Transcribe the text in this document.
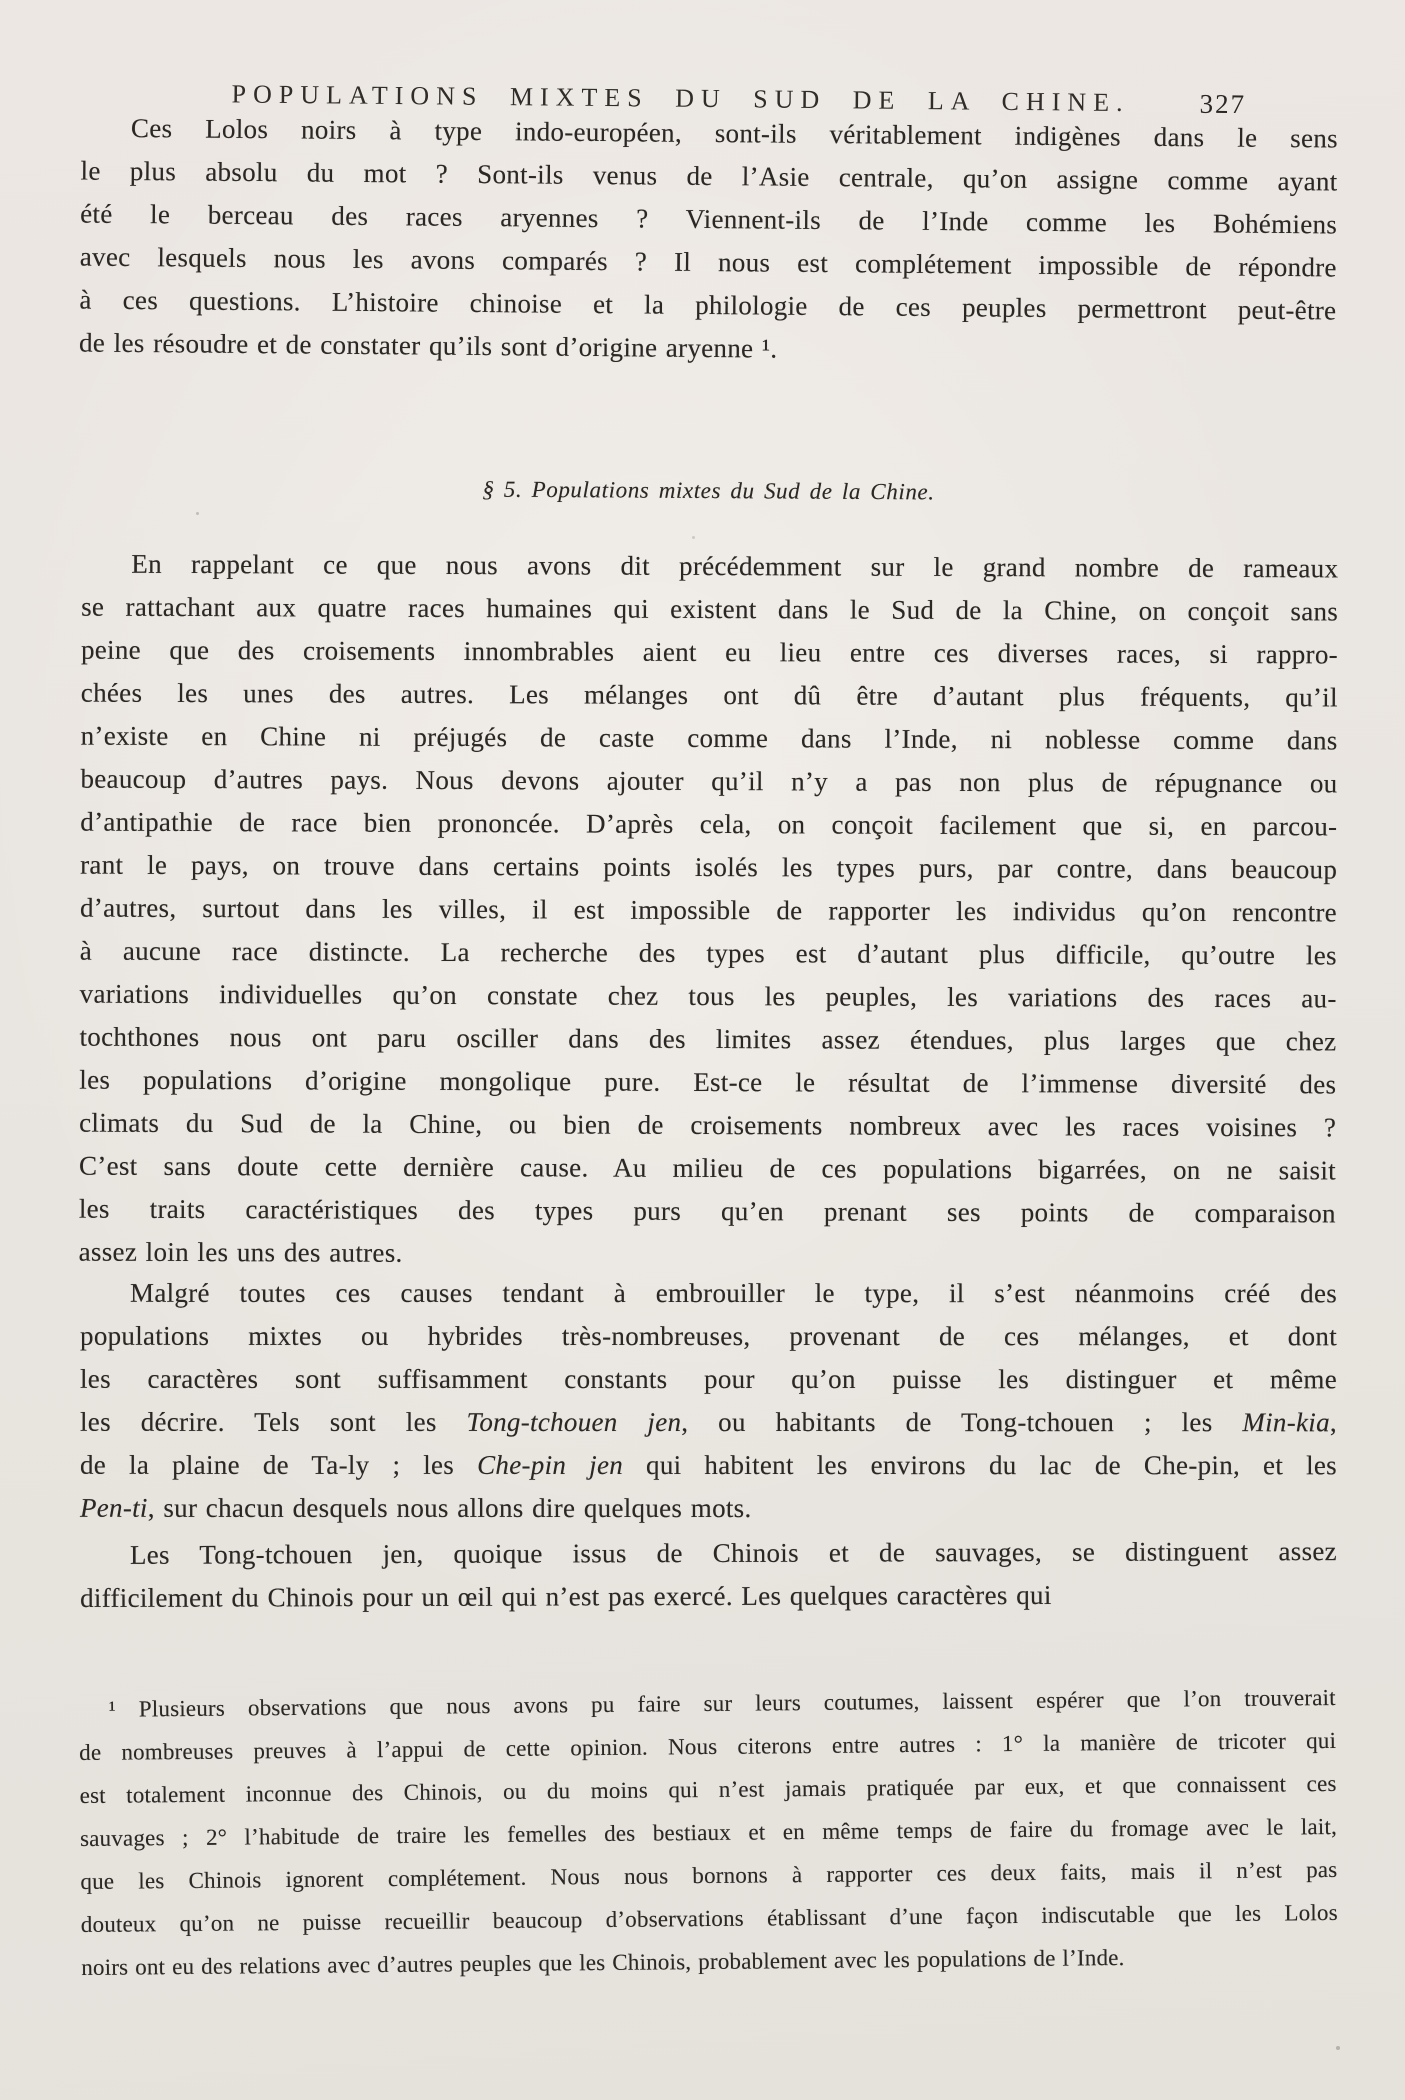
POPULATIONS MIXTES DU SUD DE LA CHINE.	327
Ces Lolos noirs à type indo-européen, sont-ils véritablement indigènes dans le sens
le plus absolu du mot ? Sont-ils venus de l’Asie centrale, qu’on assigne comme ayant
été le berceau des races aryennes ? Viennent-ils de l’Inde comme les Bohémiens
avec lesquels nous les avons comparés ? Il nous est complétement impossible de répondre
à ces questions. L’histoire chinoise et la philologie de ces peuples permettront peut-être
de les résoudre et de constater qu’ils sont d’origine aryenne ¹.
§ 5. Populations mixtes du Sud de la Chine.
En rappelant ce que nous avons dit précédemment sur le grand nombre de rameaux
se rattachant aux quatre races humaines qui existent dans le Sud de la Chine, on conçoit sans
peine que des croisements innombrables aient eu lieu entre ces diverses races, si rappro-
chées les unes des autres. Les mélanges ont dû être d’autant plus fréquents, qu’il
n’existe en Chine ni préjugés de caste comme dans l’Inde, ni noblesse comme dans
beaucoup d’autres pays. Nous devons ajouter qu’il n’y a pas non plus de répugnance ou
d’antipathie de race bien prononcée. D’après cela, on conçoit facilement que si, en parcou-
rant le pays, on trouve dans certains points isolés les types purs, par contre, dans beaucoup
d’autres, surtout dans les villes, il est impossible de rapporter les individus qu’on rencontre
à aucune race distincte. La recherche des types est d’autant plus difficile, qu’outre les
variations individuelles qu’on constate chez tous les peuples, les variations des races au-
tochthones nous ont paru osciller dans des limites assez étendues, plus larges que chez
les populations d’origine mongolique pure. Est-ce le résultat de l’immense diversité des
climats du Sud de la Chine, ou bien de croisements nombreux avec les races voisines ?
C’est sans doute cette dernière cause. Au milieu de ces populations bigarrées, on ne saisit
les traits caractéristiques des types purs qu’en prenant ses points de comparaison
assez loin les uns des autres.
Malgré toutes ces causes tendant à embrouiller le type, il s’est néanmoins créé des
populations mixtes ou hybrides très-nombreuses, provenant de ces mélanges, et dont
les caractères sont suffisamment constants pour qu’on puisse les distinguer et même
les décrire. Tels sont les Tong-tchouen jen, ou habitants de Tong-tchouen ; les Min-kia,
de la plaine de Ta-ly ; les Che-pin jen qui habitent les environs du lac de Che-pin, et les
Pen-ti, sur chacun desquels nous allons dire quelques mots.
Les Tong-tchouen jen, quoique issus de Chinois et de sauvages, se distinguent assez
difficilement du Chinois pour un œil qui n’est pas exercé. Les quelques caractères qui
¹ Plusieurs observations que nous avons pu faire sur leurs coutumes, laissent espérer que l’on trouverait
de nombreuses preuves à l’appui de cette opinion. Nous citerons entre autres : 1° la manière de tricoter qui
est totalement inconnue des Chinois, ou du moins qui n’est jamais pratiquée par eux, et que connaissent ces
sauvages ; 2° l’habitude de traire les femelles des bestiaux et en même temps de faire du fromage avec le lait,
que les Chinois ignorent complétement. Nous nous bornons à rapporter ces deux faits, mais il n’est pas
douteux qu’on ne puisse recueillir beaucoup d’observations établissant d’une façon indiscutable que les Lolos
noirs ont eu des relations avec d’autres peuples que les Chinois, probablement avec les populations de l’Inde.
